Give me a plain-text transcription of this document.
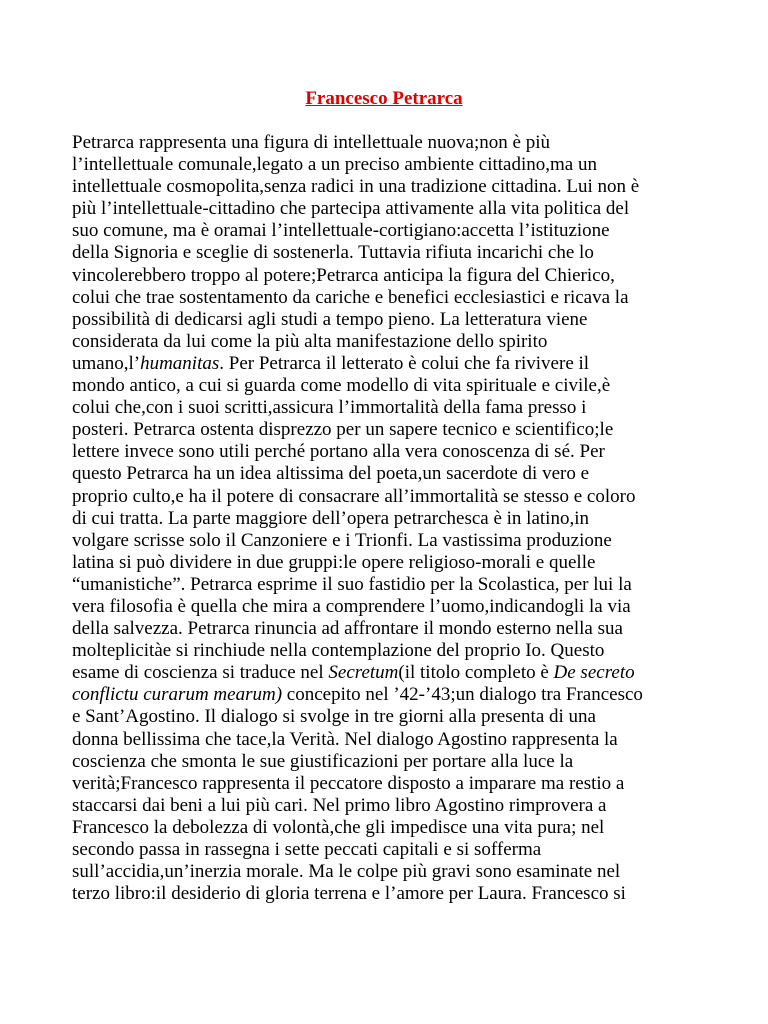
Francesco Petrarca
Petrarca rappresenta una figura di intellettuale nuova;non è più
l’intellettuale comunale,legato a un preciso ambiente cittadino,ma un
intellettuale cosmopolita,senza radici in una tradizione cittadina. Lui non è
più l’intellettuale-cittadino che partecipa attivamente alla vita politica del
suo comune, ma è oramai l’intellettuale-cortigiano:accetta l’istituzione
della Signoria e sceglie di sostenerla. Tuttavia rifiuta incarichi che lo
vincolerebbero troppo al potere;Petrarca anticipa la figura del Chierico,
colui che trae sostentamento da cariche e benefici ecclesiastici e ricava la
possibilità di dedicarsi agli studi a tempo pieno. La letteratura viene
considerata da lui come la più alta manifestazione dello spirito
umano,l’humanitas. Per Petrarca il letterato è colui che fa rivivere il
mondo antico, a cui si guarda come modello di vita spirituale e civile,è
colui che,con i suoi scritti,assicura l’immortalità della fama presso i
posteri. Petrarca ostenta disprezzo per un sapere tecnico e scientifico;le
lettere invece sono utili perché portano alla vera conoscenza di sé. Per
questo Petrarca ha un idea altissima del poeta,un sacerdote di vero e
proprio culto,e ha il potere di consacrare all’immortalità se stesso e coloro
di cui tratta. La parte maggiore dell’opera petrarchesca è in latino,in
volgare scrisse solo il Canzoniere e i Trionfi. La vastissima produzione
latina si può dividere in due gruppi:le opere religioso-morali e quelle
“umanistiche”. Petrarca esprime il suo fastidio per la Scolastica, per lui la
vera filosofia è quella che mira a comprendere l’uomo,indicandogli la via
della salvezza. Petrarca rinuncia ad affrontare il mondo esterno nella sua
molteplicitàe si rinchiude nella contemplazione del proprio Io. Questo
esame di coscienza si traduce nel Secretum(il titolo completo è De secreto
conflictu curarum mearum) concepito nel ’42-’43;un dialogo tra Francesco
e Sant’Agostino. Il dialogo si svolge in tre giorni alla presenta di una
donna bellissima che tace,la Verità. Nel dialogo Agostino rappresenta la
coscienza che smonta le sue giustificazioni per portare alla luce la
verità;Francesco rappresenta il peccatore disposto a imparare ma restio a
staccarsi dai beni a lui più cari. Nel primo libro Agostino rimprovera a
Francesco la debolezza di volontà,che gli impedisce una vita pura; nel
secondo passa in rassegna i sette peccati capitali e si sofferma
sull’accidia,un’inerzia morale. Ma le colpe più gravi sono esaminate nel
terzo libro:il desiderio di gloria terrena e l’amore per Laura. Francesco si
